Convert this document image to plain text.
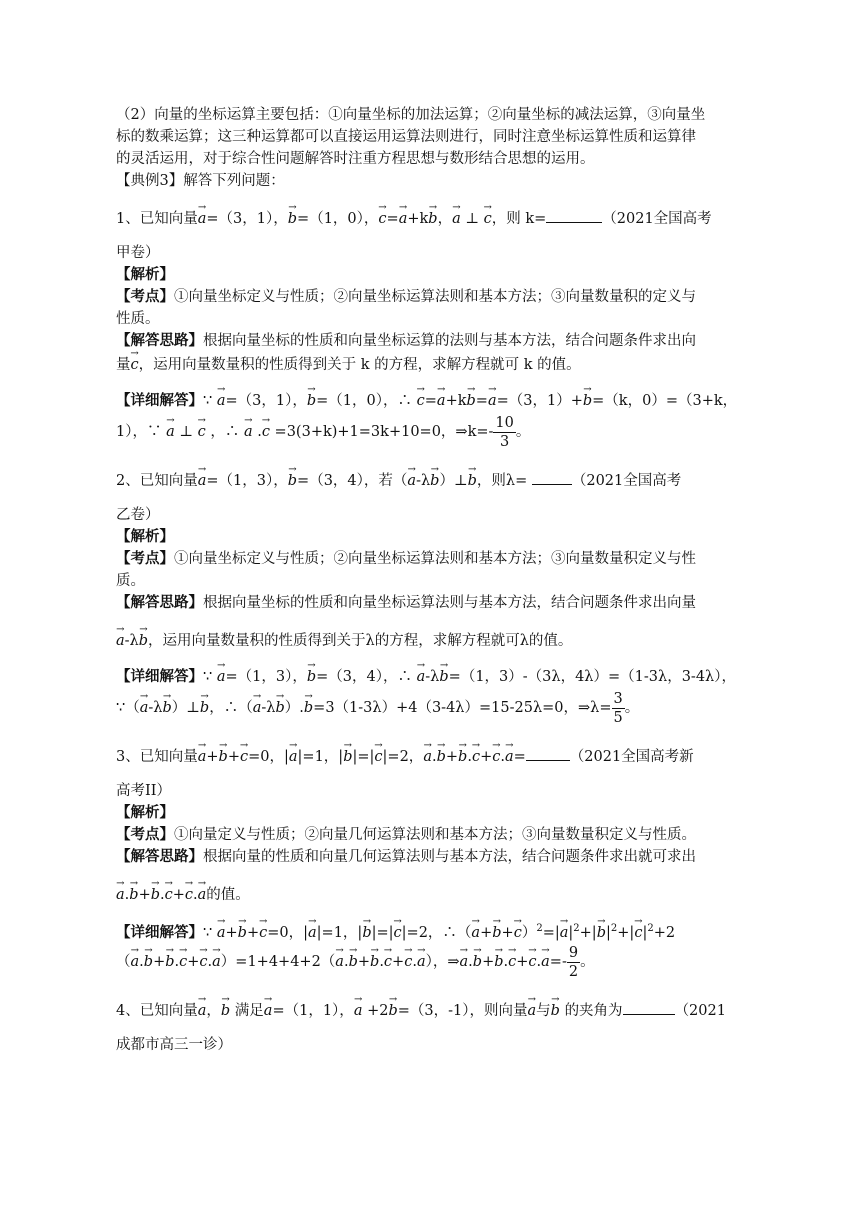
（2）向量的坐标运算主要包括：①向量坐标的加法运算；②向量坐标的减法运算，③向量坐
标的数乘运算；这三种运算都可以直接运用运算法则进行，同时注意坐标运算性质和运算律
的灵活运用，对于综合性问题解答时注重方程思想与数形结合思想的运用。
【典例3】解答下列问题：
1、已知向量→ a=（3，1），→ b=（1，0），→ c=→ a+k→ b，→ a ⊥ → c，则 k=	（2021全国高考
甲卷）
【解析】
【考点】①向量坐标定义与性质；②向量坐标运算法则和基本方法；③向量数量积的定义与
性质。
【解答思路】根据向量坐标的性质和向量坐标运算的法则与基本方法，结合问题条件求出向
量→ c，运用向量数量积的性质得到关于 k 的方程，求解方程就可 k 的值。
【详细解答】∵ → a=（3，1），→ b=（1，0），∴ → c=→ a+k→ b=→ a=（3，1）+→ b=（k，0）=（3+k，
1），∵ → a ⊥ → c ，∴ → a .→ c =3(3+k)+1=3k+10=0，⇒k=- $\frac{10}{3}$ 。
2、已知向量→ a=（1，3），→ b=（3，4），若（→ a-λ→ b）⊥→ b，则λ=	（2021全国高考
乙卷）
【解析】
【考点】①向量坐标定义与性质；②向量坐标运算法则和基本方法；③向量数量积定义与性
质。
【解答思路】根据向量坐标的性质和向量坐标运算法则与基本方法，结合问题条件求出向量
→ a-λ→ b，运用向量数量积的性质得到关于λ的方程，求解方程就可λ的值。
【详细解答】∵ → a=（1，3），→ b=（3，4），∴ → a-λ→ b=（1，3）-（3λ，4λ）=（1-3λ，3-4λ），
∵（→ a-λ→ b）⊥→ b，∴（→ a-λ→ b）.→ b=3（1-3λ）+4（3-4λ）=15-25λ=0，⇒λ= $\frac{3}{5}$ 。
3、已知向量→ a+→ b+→ c=0，|→ a|=1，|→ b|=|→ c|=2，→ a.→ b+→ b.→ c+→ c.→ a=	（2021全国高考新
高考II）
【解析】
【考点】①向量定义与性质；②向量几何运算法则和基本方法；③向量数量积定义与性质。
【解答思路】根据向量的性质和向量几何运算法则与基本方法，结合问题条件求出就可求出
→ a.→ b+→ b.→ c+→ c.→ a的值。
【详细解答】∵ → a+→ b+→ c=0，|→ a|=1，|→ b|=|→ c|=2，∴（→ $a+\to b+\to c)^2=|\to a|^2+|\to b|^2+|\to c|^2+2$
（→ a.→ b+→ b.→ c+→ c.→ a）=1+4+4+2（→ a.→ b+→ b.→ c+→ c.→ a），⇒→ $a.\to b+\to b.\to c+\to c.\to a=- \frac{9}{2}$ 。
4、已知向量→ a，→ b 满足→ a=（1，1），→ a +2→ b=（3，-1），则向量→ a与→ b 的夹角为	（2021
成都市高三一诊）
